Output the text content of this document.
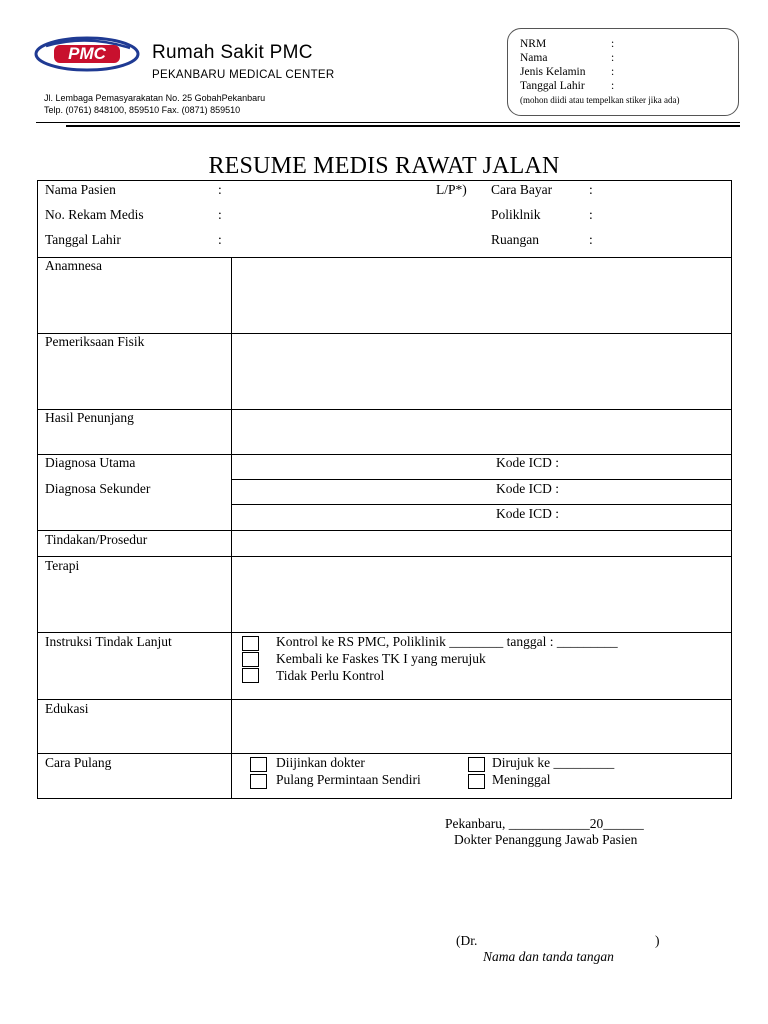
PMC	Rumah Sakit PMC
PEKANBARU MEDICAL CENTER
Jl. Lembaga Pemasyarakatan No. 25 GobahPekanbaru
Telp. (0761) 848100, 859510 Fax. (0871) 859510
NRM	:
Nama	:
Jenis Kelamin :
Tanggal Lahir :
(mohon diidi atau tempelkan stiker jika ada)
RESUME MEDIS RAWAT JALAN
Nama Pasien	:	L/P*) Cara Bayar	:
No. Rekam Medis	:	Poliklnik	:
Tanggal Lahir	:	Ruangan	:
Anamnesa
Pemeriksaan Fisik
Hasil Penunjang
Diagnosa Utama	Kode ICD :
Diagnosa Sekunder	Kode ICD :
Kode ICD :
Tindakan/Prosedur
Terapi
Instruksi Tindak Lanjut	Kontrol ke RS PMC, Poliklinik ________ tanggal : _________
Kembali ke Faskes TK I yang merujuk
Tidak Perlu Kontrol
Edukasi
Cara Pulang	Diijinkan dokter
Pulang Permintaan Sendiri
Dirujuk ke _________
Meninggal
Pekanbaru, ____________20______
Dokter Penanggung Jawab Pasien
(Dr.	)
Nama dan tanda tangan
